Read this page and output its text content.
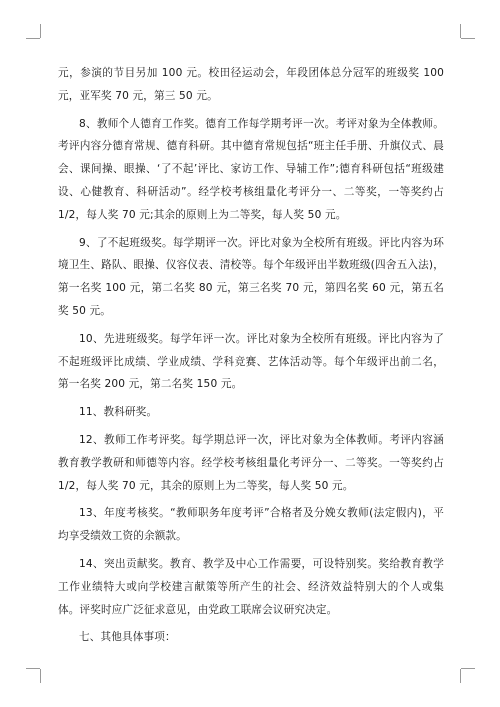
元，参演的节目另加 100 元。校田径运动会，年段团体总分冠军的班级奖 100 元，亚军奖 70 元，第三 50 元。

8、教师个人德育工作奖。德育工作每学期考评一次。考评对象为全体教师。考评内容分德育常规、德育科研。其中德育常规包括“班主任手册、升旗仪式、晨会、课间操、眼操、‘了不起’评比、家访工作、导辅工作”;德育科研包括“班级建设、心健教育、科研活动”。经学校考核组量化考评分一、二等奖，一等奖约占 1/2，每人奖 70 元;其余的原则上为二等奖，每人奖 50 元。

9、了不起班级奖。每学期评一次。评比对象为全校所有班级。评比内容为环境卫生、路队、眼操、仪容仪表、清校等。每个年级评出半数班级(四舍五入法)，第一名奖 100 元，第二名奖 80 元，第三名奖 70 元，第四名奖 60 元，第五名奖 50 元。

10、先进班级奖。每学年评一次。评比对象为全校所有班级。评比内容为了不起班级评比成绩、学业成绩、学科竞赛、艺体活动等。每个年级评出前二名，第一名奖 200 元，第二名奖 150 元。

11、教科研奖。

12、教师工作考评奖。每学期总评一次，评比对象为全体教师。考评内容涵教育教学教研和师德等内容。经学校考核组量化考评分一、二等奖。一等奖约占 1/2，每人奖 70 元，其余的原则上为二等奖，每人奖 50 元。

13、年度考核奖。“教师职务年度考评”合格者及分娩女教师(法定假内)，平均享受绩效工资的余额款。

14、突出贡献奖。教育、教学及中心工作需要，可设特别奖。奖给教育教学工作业绩特大或向学校建言献策等所产生的社会、经济效益特别大的个人或集体。评奖时应广泛征求意见，由党政工联席会议研究决定。

七、其他具体事项：
